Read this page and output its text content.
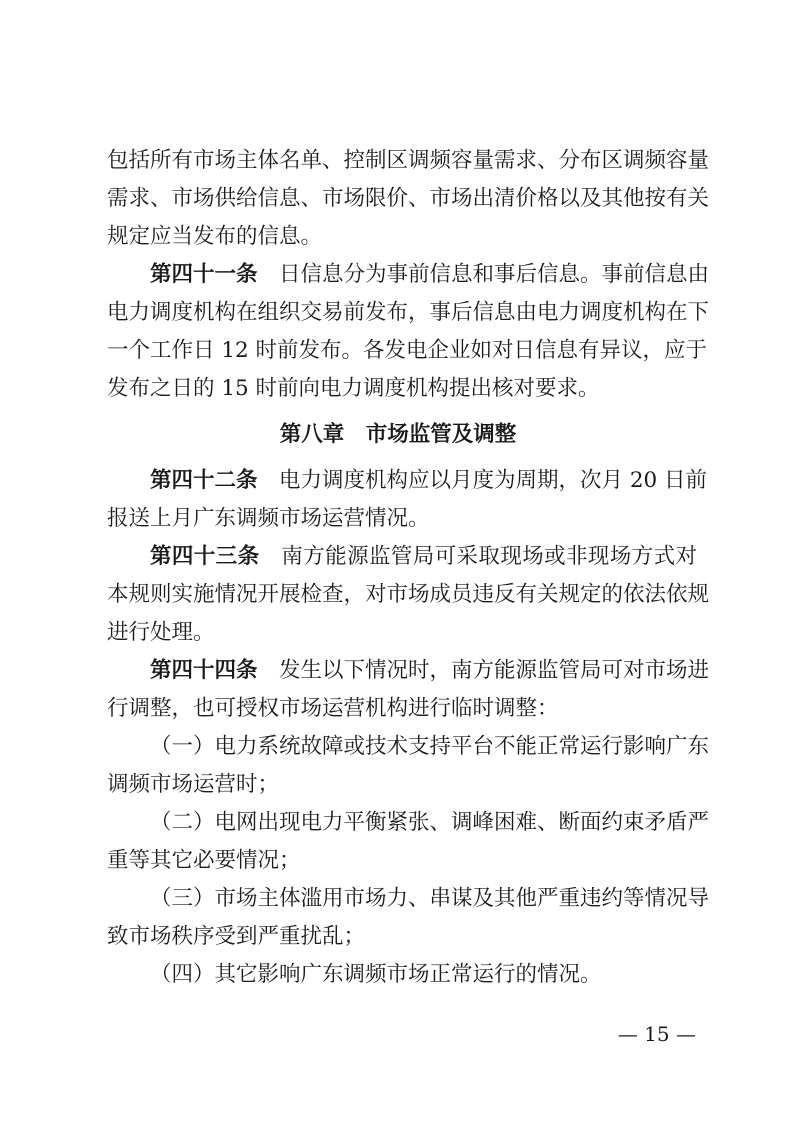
包括所有市场主体名单、控制区调频容量需求、分布区调频容量
需求、市场供给信息、市场限价、市场出清价格以及其他按有关
规定应当发布的信息。
第四十一条　 日信息分为事前信息和事后信息。事前信息由
电力调度机构在组织交易前发布，事后信息由电力调度机构在下
一个工作日 12 时前发布。各发电企业如对日信息有异议，应于
发布之日的 15 时前向电力调度机构提出核对要求。
第八章　市场监管及调整
第四十二条　 电力调度机构应以月度为周期，次月 20 日前
报送上月广东调频市场运营情况。
第四十三条　 南方能源监管局可采取现场或非现场方式对
本规则实施情况开展检查，对市场成员违反有关规定的依法依规
进行处理。
第四十四条　 发生以下情况时，南方能源监管局可对市场进
行调整，也可授权市场运营机构进行临时调整：
（一）电力系统故障或技术支持平台不能正常运行影响广东
调频市场运营时；
（二）电网出现电力平衡紧张、调峰困难、断面约束矛盾严
重等其它必要情况；
（三）市场主体滥用市场力、串谋及其他严重违约等情况导
致市场秩序受到严重扰乱；
（四）其它影响广东调频市场正常运行的情况。
— 15 —
